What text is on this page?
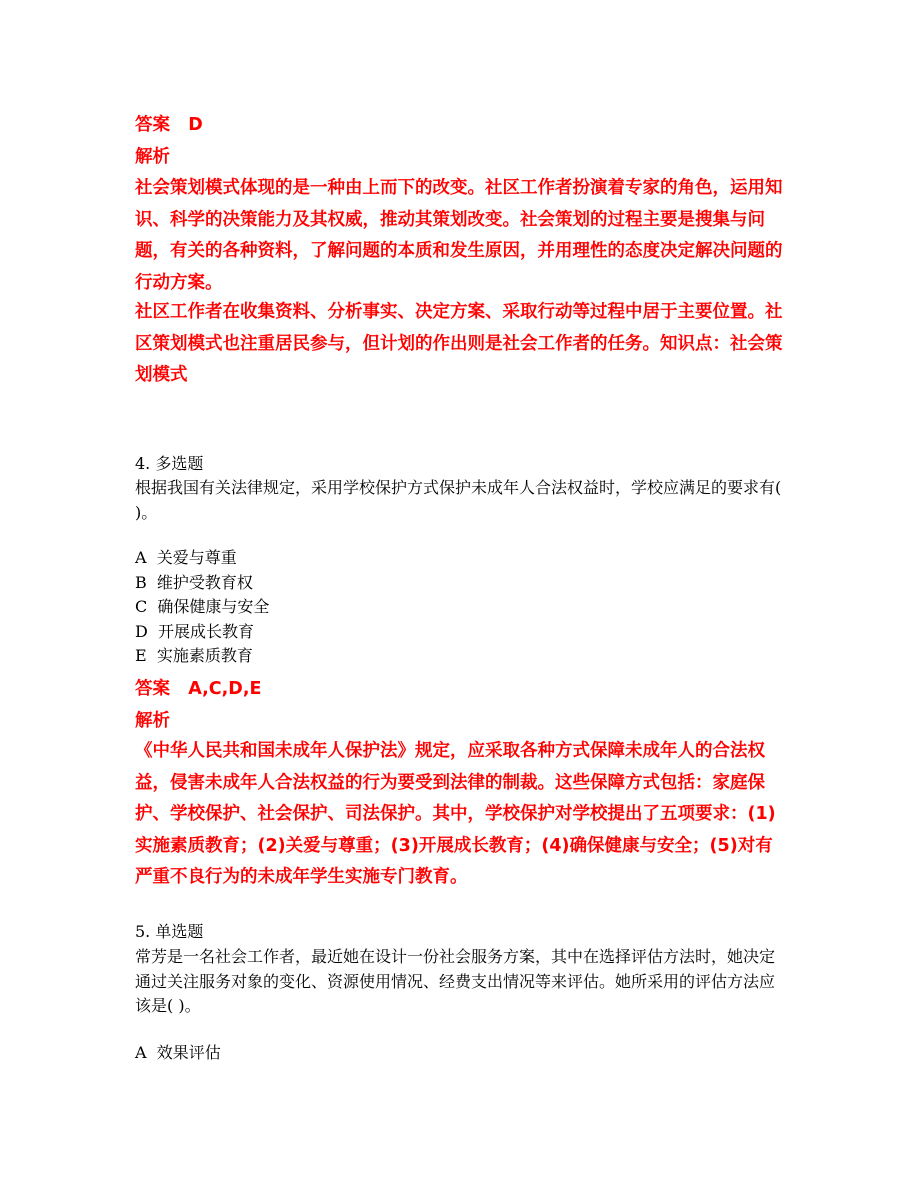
答案 D
解析
社会策划模式体现的是一种由上而下的改变。社区工作者扮演着专家的角色，运用知识、科学的决策能力及其权威，推动其策划改变。社会策划的过程主要是搜集与问题，有关的各种资料，了解问题的本质和发生原因，并用理性的态度决定解决问题的行动方案。
社区工作者在收集资料、分析事实、决定方案、采取行动等过程中居于主要位置。社区策划模式也注重居民参与，但计划的作出则是社会工作者的任务。知识点：社会策划模式
4. 多选题
根据我国有关法律规定，采用学校保护方式保护未成年人合法权益时，学校应满足的要求有( )。
A  关爱与尊重
B  维护受教育权
C  确保健康与安全
D  开展成长教育
E  实施素质教育
答案 A,C,D,E
解析
《中华人民共和国未成年人保护法》规定，应采取各种方式保障未成年人的合法权益，侵害未成年人合法权益的行为要受到法律的制裁。这些保障方式包括：家庭保护、学校保护、社会保护、司法保护。其中，学校保护对学校提出了五项要求：(1)实施素质教育；(2)关爱与尊重；(3)开展成长教育；(4)确保健康与安全；(5)对有严重不良行为的未成年学生实施专门教育。
5. 单选题
常芳是一名社会工作者，最近她在设计一份社会服务方案，其中在选择评估方法时，她决定通过关注服务对象的变化、资源使用情况、经费支出情况等来评估。她所采用的评估方法应该是( )。
A  效果评估
